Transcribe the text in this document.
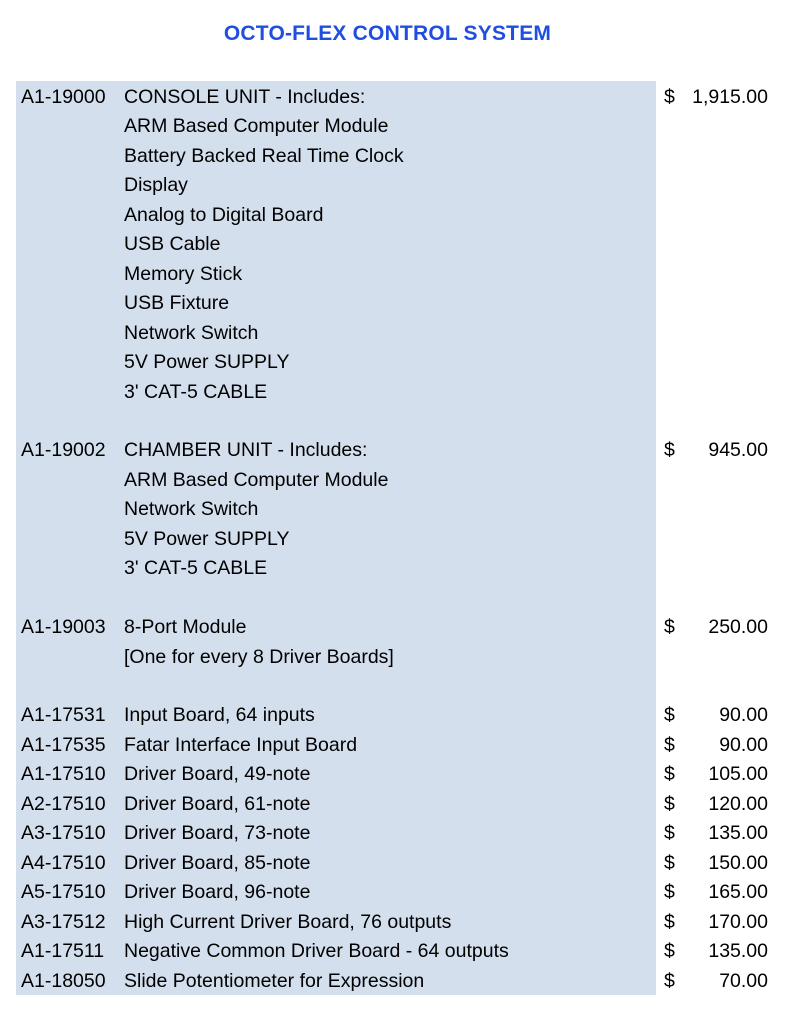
OCTO-FLEX CONTROL SYSTEM
A1-19000 CONSOLE UNIT - Includes:	$ 1,915.00
ARM Based Computer Module
Battery Backed Real Time Clock
Display
Analog to Digital Board
USB Cable
Memory Stick
USB Fixture
Network Switch
5V Power SUPPLY
3' CAT-5 CABLE
A1-19002 CHAMBER UNIT - Includes:	$	945.00
ARM Based Computer Module
Network Switch
5V Power SUPPLY
3' CAT-5 CABLE
A1-19003 8-Port Module	$	250.00
[One for every 8 Driver Boards]
A1-17531 Input Board, 64 inputs	$	90.00
A1-17535 Fatar Interface Input Board	$	90.00
A1-17510 Driver Board, 49-note	$	105.00
A2-17510 Driver Board, 61-note	$	120.00
A3-17510 Driver Board, 73-note	$	135.00
A4-17510 Driver Board, 85-note	$	150.00
A5-17510 Driver Board, 96-note	$	165.00
A3-17512 High Current Driver Board, 76 outputs	$	170.00
A1-17511 Negative Common Driver Board - 64 outputs	$	135.00
A1-18050 Slide Potentiometer for Expression	$	70.00
